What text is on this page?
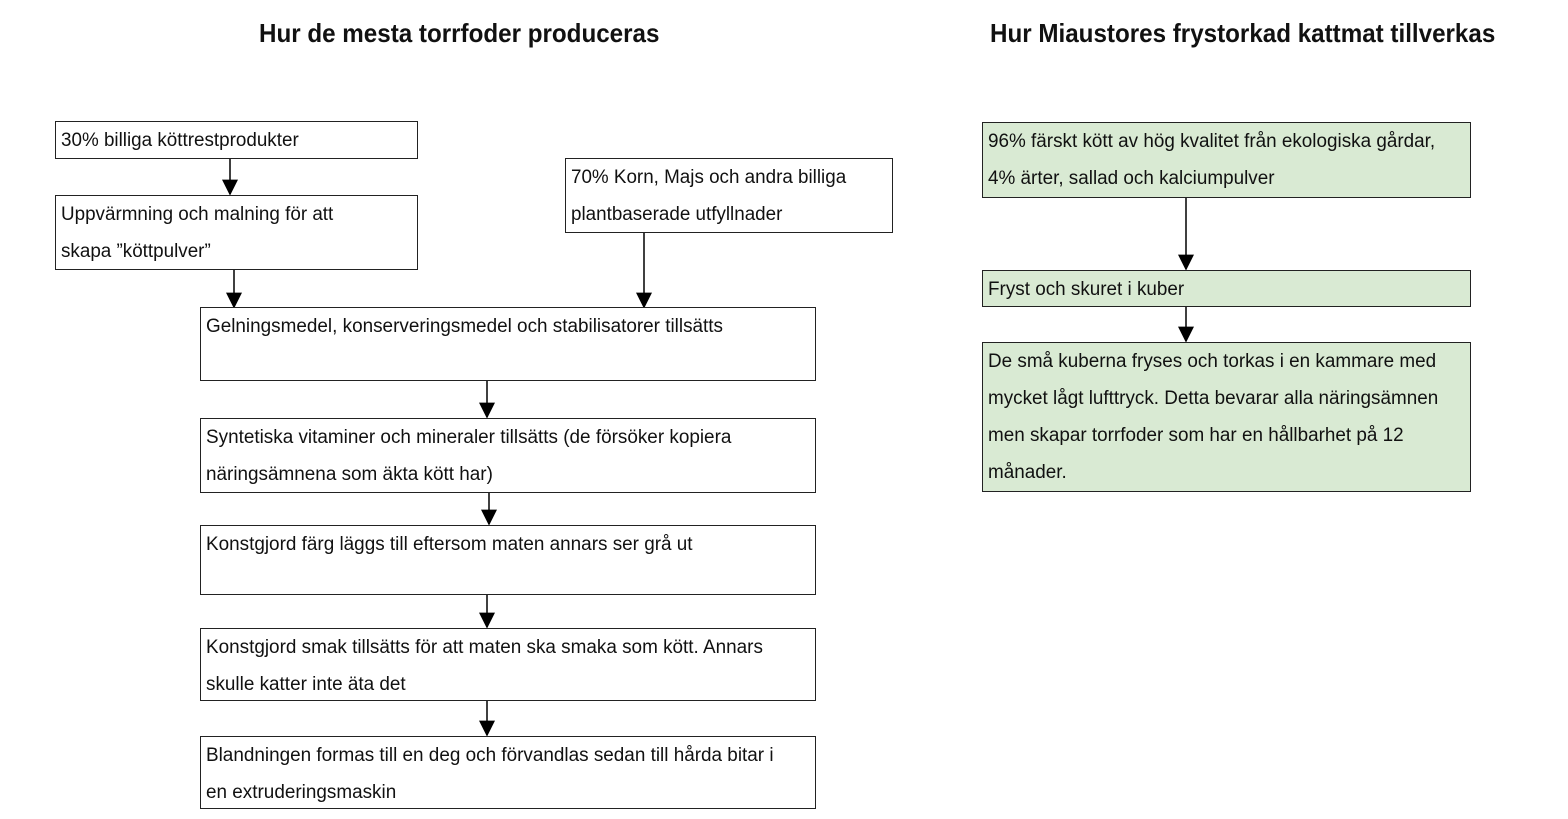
Hur de mesta torrfoder produceras	Hur Miaustores frystorkad kattmat tillverkas
30% billiga köttrestprodukter
Uppvärmning och malning för att
skapa ”köttpulver”
70% Korn, Majs och andra billiga
plantbaserade utfyllnader
Gelningsmedel, konserveringsmedel och stabilisatorer tillsätts
Syntetiska vitaminer och mineraler tillsätts (de försöker kopiera
näringsämnena som äkta kött har)
Konstgjord färg läggs till eftersom maten annars ser grå ut
Konstgjord smak tillsätts för att maten ska smaka som kött. Annars
skulle katter inte äta det
Blandningen formas till en deg och förvandlas sedan till hårda bitar i
en extruderingsmaskin
96% färskt kött av hög kvalitet från ekologiska gårdar,
4% ärter, sallad och kalciumpulver
Fryst och skuret i kuber
De små kuberna fryses och torkas i en kammare med
mycket lågt lufttryck. Detta bevarar alla näringsämnen
men skapar torrfoder som har en hållbarhet på 12
månader.
